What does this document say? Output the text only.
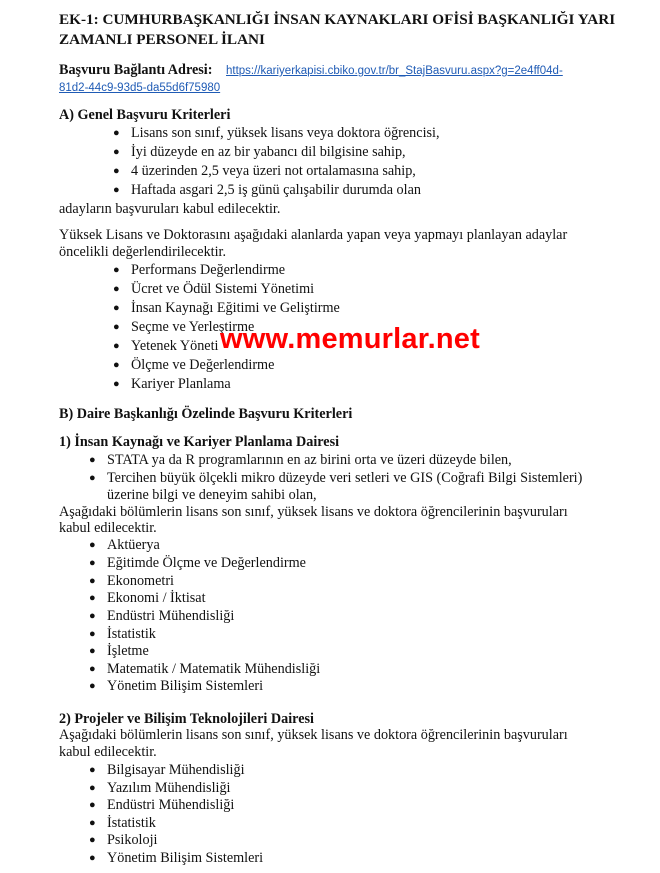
EK-1: CUMHURBAŞKANLIĞI İNSAN KAYNAKLARI OFİSİ BAŞKANLIĞI YARI
ZAMANLI PERSONEL İLANI
Başvuru Bağlantı Adresi: https://kariyerkapisi.cbiko.gov.tr/br_StajBasvuru.aspx?g=2e4ff04d-
81d2-44c9-93d5-da55d6f75980
A) Genel Başvuru Kriterleri
● Lisans son sınıf, yüksek lisans veya doktora öğrencisi,
● İyi düzeyde en az bir yabancı dil bilgisine sahip,
● 4 üzerinden 2,5 veya üzeri not ortalamasına sahip,
● Haftada asgari 2,5 iş günü çalışabilir durumda olan
adayların başvuruları kabul edilecektir.
Yüksek Lisans ve Doktorasını aşağıdaki alanlarda yapan veya yapmayı planlayan adaylar
öncelikli değerlendirilecektir.
● Performans Değerlendirme
● Ücret ve Ödül Sistemi Yönetimi
● İnsan Kaynağı Eğitimi ve Geliştirme
● Seçme ve Yerleştirme
● Yetenek Yöneti
● Ölçme ve Değerlendirme
● Kariyer Planlama
www.memurlar.net
B) Daire Başkanlığı Özelinde Başvuru Kriterleri
1) İnsan Kaynağı ve Kariyer Planlama Dairesi
● STATA ya da R programlarının en az birini orta ve üzeri düzeyde bilen,
● Tercihen büyük ölçekli mikro düzeyde veri setleri ve GIS (Coğrafi Bilgi Sistemleri)
üzerine bilgi ve deneyim sahibi olan,
Aşağıdaki bölümlerin lisans son sınıf, yüksek lisans ve doktora öğrencilerinin başvuruları
kabul edilecektir.
● Aktüerya
● Eğitimde Ölçme ve Değerlendirme
● Ekonometri
● Ekonomi / İktisat
● Endüstri Mühendisliği
● İstatistik
● İşletme
● Matematik / Matematik Mühendisliği
● Yönetim Bilişim Sistemleri
2) Projeler ve Bilişim Teknolojileri Dairesi
Aşağıdaki bölümlerin lisans son sınıf, yüksek lisans ve doktora öğrencilerinin başvuruları
kabul edilecektir.
● Bilgisayar Mühendisliği
● Yazılım Mühendisliği
● Endüstri Mühendisliği
● İstatistik
● Psikoloji
● Yönetim Bilişim Sistemleri
